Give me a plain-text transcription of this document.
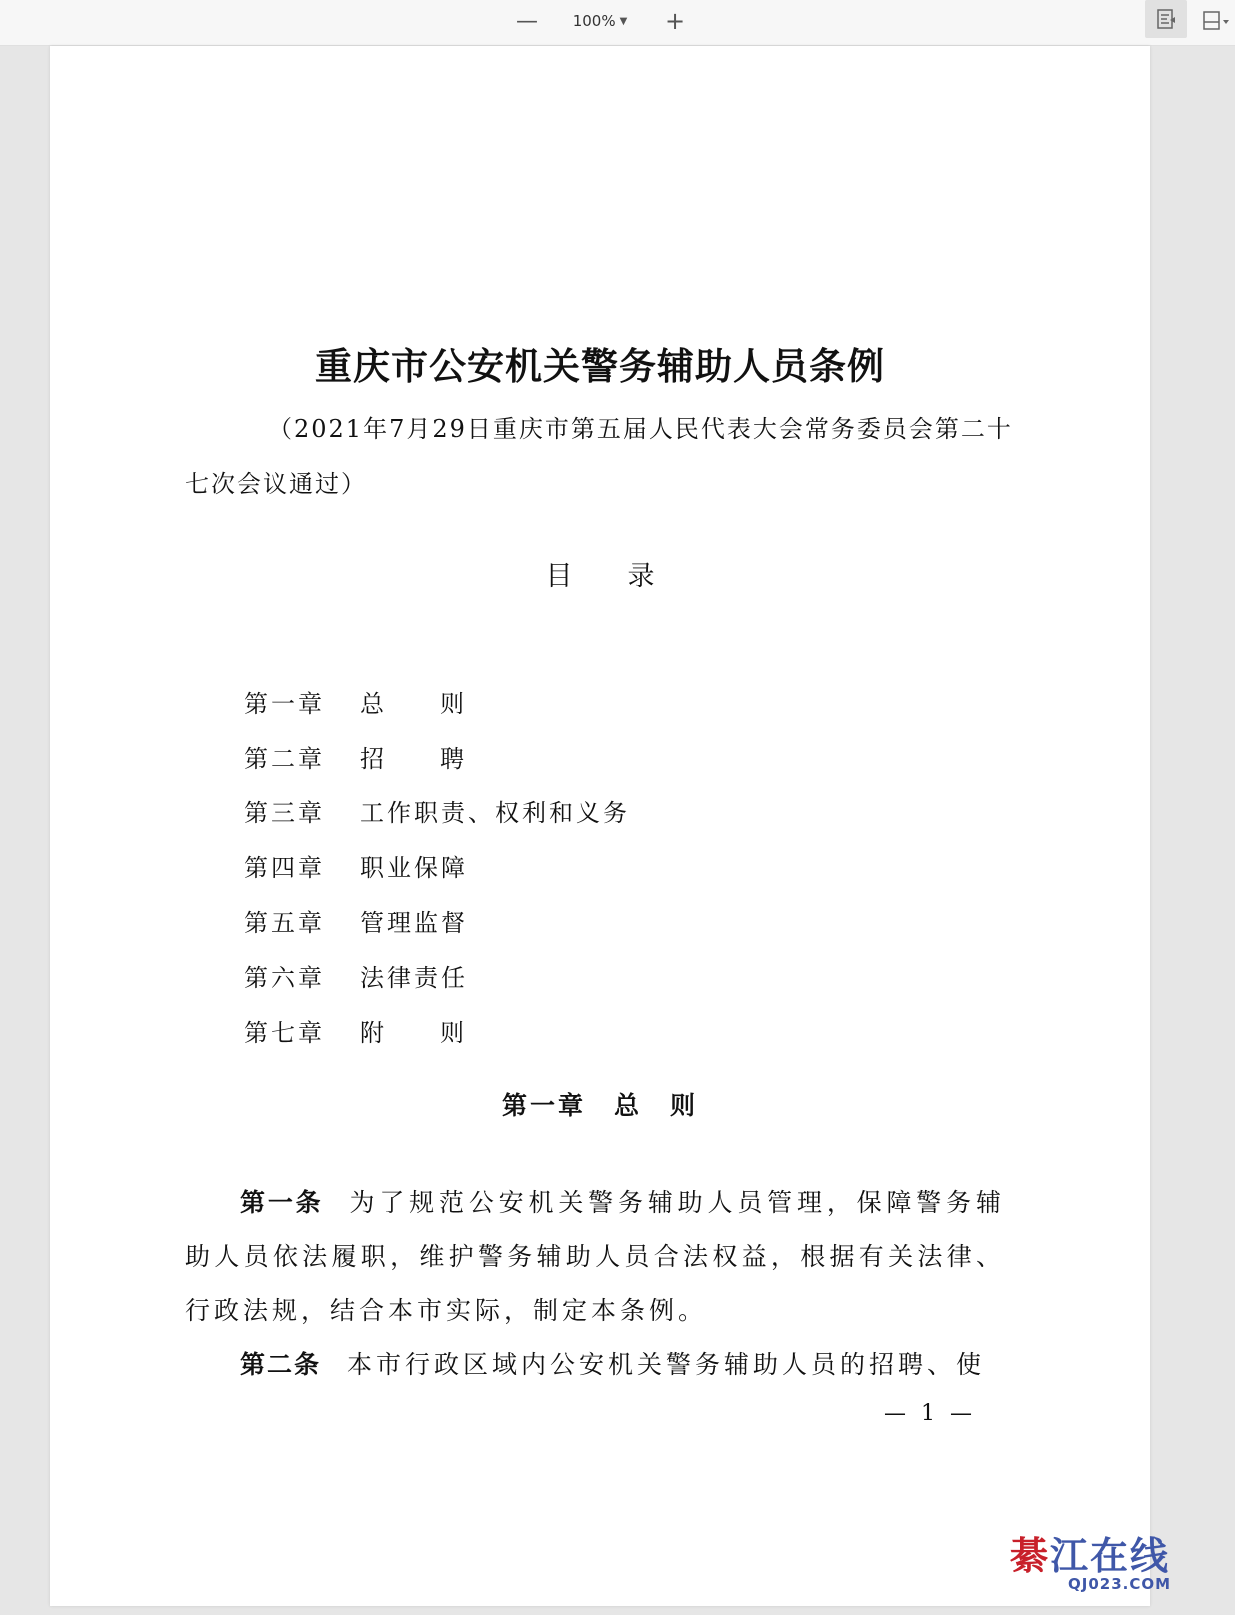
— 100% ▼ +
重庆市公安机关警务辅助人员条例
（2021年7月29日重庆市第五届人民代表大会常务委员会第二十七次会议通过）
目录
第一章	总则
第二章	招聘
第三章	工作职责、权利和义务
第四章	职业保障
第五章	管理监督
第六章	法律责任
第七章	附则
第一章　总　则

第一条 为了规范公安机关警务辅助人员管理，保障警务辅助人员依法履职，维护警务辅助人员合法权益，根据有关法律、行政法规，结合本市实际，制定本条例。

第二条 本市行政区域内公安机关警务辅助人员的招聘、使

— 1 —
綦江在线
QJ023.COM
